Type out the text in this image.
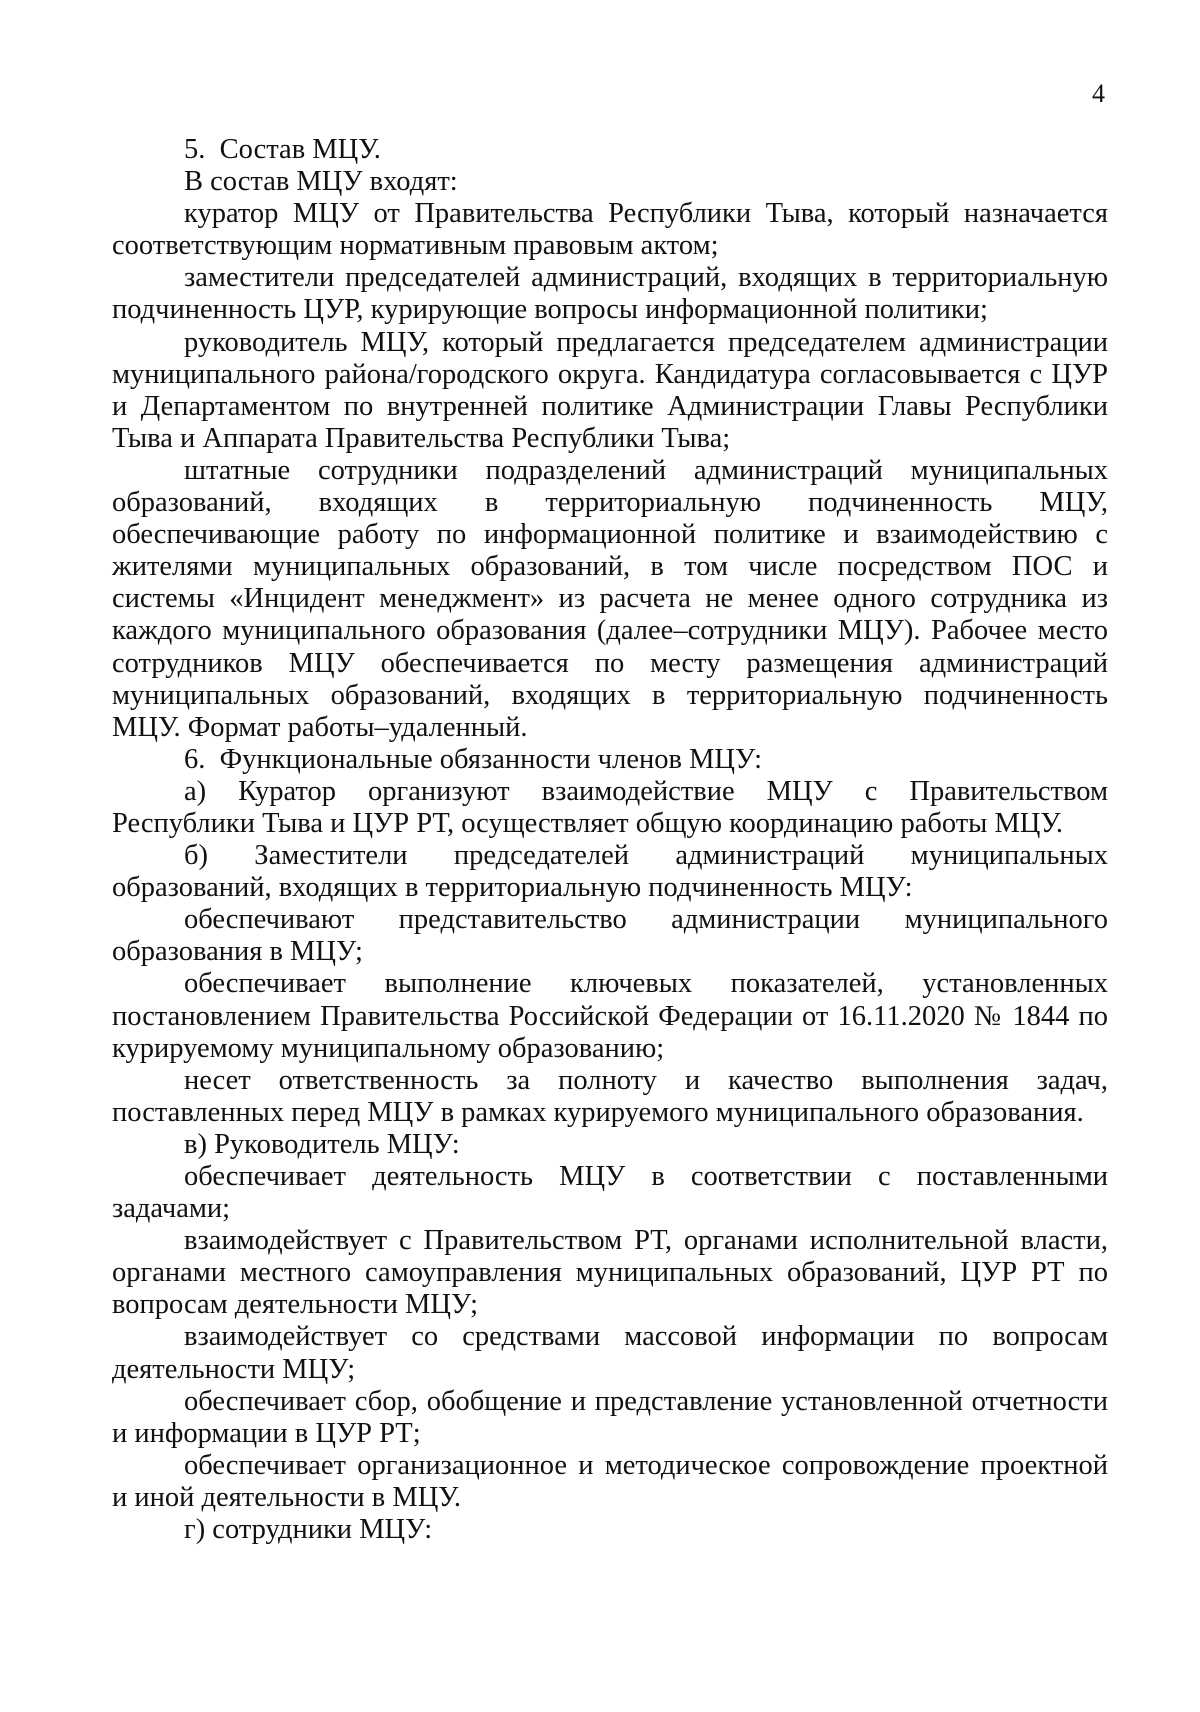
4

5.  Состав МЦУ.

В состав МЦУ входят:

куратор МЦУ от Правительства Республики Тыва, который назначается соответствующим нормативным правовым актом;

заместители председателей администраций, входящих в территориальную подчиненность ЦУР, курирующие вопросы информационной политики;

руководитель МЦУ, который предлагается председателем администрации муниципального района/городского округа. Кандидатура согласовывается с ЦУР и Департаментом по внутренней политике Администрации Главы Республики Тыва и Аппарата Правительства Республики Тыва;

штатные сотрудники подразделений администраций муниципальных образований, входящих в территориальную подчиненность МЦУ, обеспечивающие работу по информационной политике и взаимодействию с жителями муниципальных образований, в том числе посредством ПОС и системы «Инцидент менеджмент» из расчета не менее одного сотрудника из каждого муниципального образования (далее–сотрудники МЦУ). Рабочее место сотрудников МЦУ обеспечивается по месту размещения администраций муниципальных образований, входящих в территориальную подчиненность МЦУ. Формат работы–удаленный.

6.  Функциональные обязанности членов МЦУ:

а) Куратор организуют взаимодействие МЦУ с Правительством Республики Тыва и ЦУР РТ, осуществляет общую координацию работы МЦУ.

б) Заместители председателей администраций муниципальных образований, входящих в территориальную подчиненность МЦУ:

обеспечивают представительство администрации муниципального образования в МЦУ;

обеспечивает выполнение ключевых показателей, установленных постановлением Правительства Российской Федерации от 16.11.2020 № 1844 по курируемому муниципальному образованию;

несет ответственность за полноту и качество выполнения задач, поставленных перед МЦУ в рамках курируемого муниципального образования.

в) Руководитель МЦУ:

обеспечивает деятельность МЦУ в соответствии с поставленными задачами;

взаимодействует с Правительством РТ, органами исполнительной власти, органами местного самоуправления муниципальных образований, ЦУР РТ по вопросам деятельности МЦУ;

взаимодействует со средствами массовой информации по вопросам деятельности МЦУ;

обеспечивает сбор, обобщение и представление установленной отчетности и информации в ЦУР РТ;

обеспечивает организационное и методическое сопровождение проектной и иной деятельности в МЦУ.

г) сотрудники МЦУ:
